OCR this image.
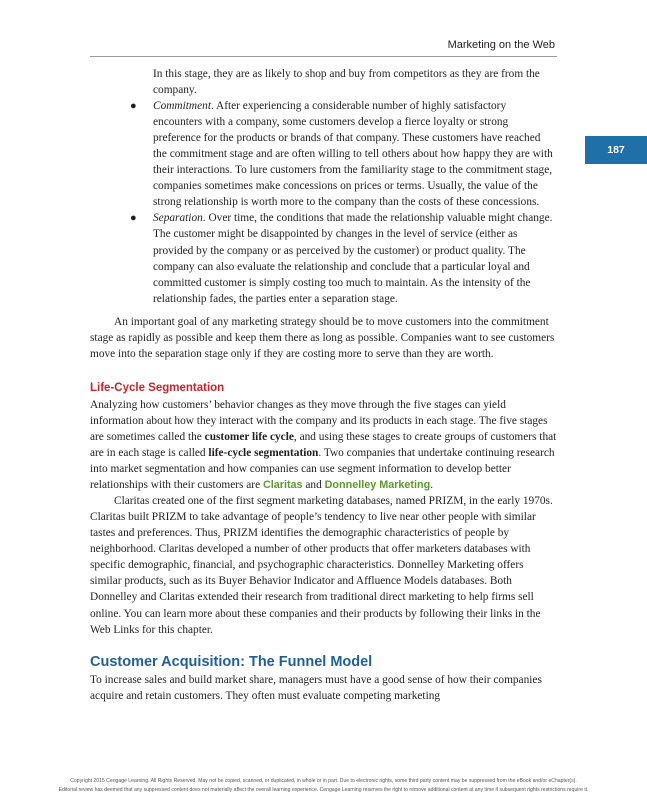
Marketing on the Web
187

In this stage, they are as likely to shop and buy from competitors as they are from the company.

● Commitment. After experiencing a considerable number of highly satisfactory encounters with a company, some customers develop a fierce loyalty or strong preference for the products or brands of that company. These customers have reached the commitment stage and are often willing to tell others about how happy they are with their interactions. To lure customers from the familiarity stage to the commitment stage, companies sometimes make concessions on prices or terms. Usually, the value of the strong relationship is worth more to the company than the costs of these concessions.
● Separation. Over time, the conditions that made the relationship valuable might change. The customer might be disappointed by changes in the level of service (either as provided by the company or as perceived by the customer) or product quality. The company can also evaluate the relationship and conclude that a particular loyal and committed customer is simply costing too much to maintain. As the intensity of the relationship fades, the parties enter a separation stage.

An important goal of any marketing strategy should be to move customers into the commitment stage as rapidly as possible and keep them there as long as possible. Companies want to see customers move into the separation stage only if they are costing more to serve than they are worth.

Life-Cycle Segmentation

Analyzing how customers’ behavior changes as they move through the five stages can yield information about how they interact with the company and its products in each stage. The five stages are sometimes called the customer life cycle, and using these stages to create groups of customers that are in each stage is called life-cycle segmentation. Two companies that undertake continuing research into market segmentation and how companies can use segment information to develop better relationships with their customers are Claritas and Donnelley Marketing.

Claritas created one of the first segment marketing databases, named PRIZM, in the early 1970s. Claritas built PRIZM to take advantage of people’s tendency to live near other people with similar tastes and preferences. Thus, PRIZM identifies the demographic characteristics of people by neighborhood. Claritas developed a number of other products that offer marketers databases with specific demographic, financial, and psychographic characteristics. Donnelley Marketing offers similar products, such as its Buyer Behavior Indicator and Affluence Models databases. Both Donnelley and Claritas extended their research from traditional direct marketing to help firms sell online. You can learn more about these companies and their products by following their links in the Web Links for this chapter.

Customer Acquisition: The Funnel Model

To increase sales and build market share, managers must have a good sense of how their companies acquire and retain customers. They often must evaluate competing marketing

Copyright 2015 Cengage Learning. All Rights Reserved. May not be copied, scanned, or duplicated, in whole or in part. Due to electronic rights, some third party content may be suppressed from the eBook and/or eChapter(s).
Editorial review has deemed that any suppressed content does not materially affect the overall learning experience. Cengage Learning reserves the right to remove additional content at any time if subsequent rights restrictions require it.
